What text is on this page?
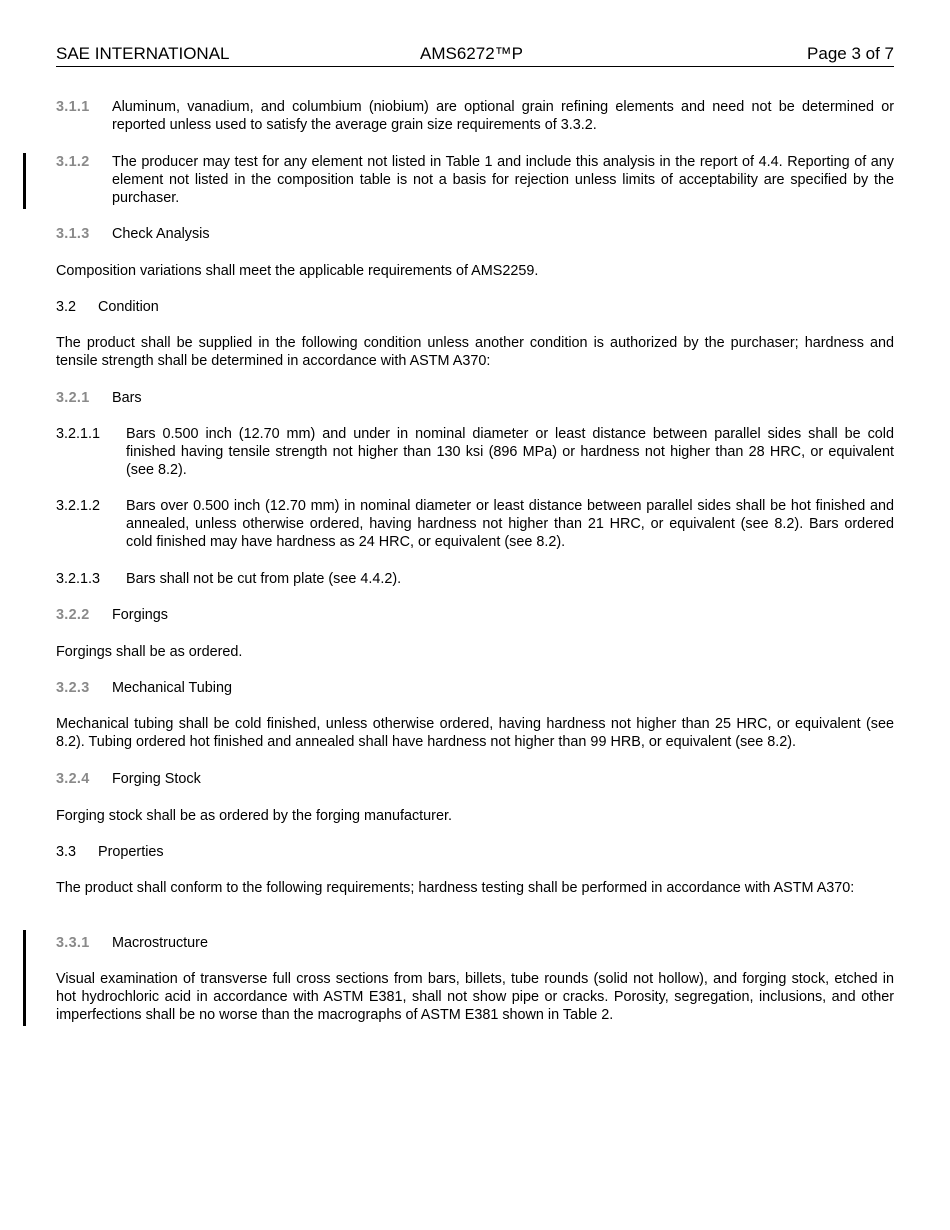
SAE INTERNATIONAL	AMS6272™P	Page 3 of 7
3.1.1 Aluminum, vanadium, and columbium (niobium) are optional grain refining elements and need not be determined or reported unless used to satisfy the average grain size requirements of 3.3.2.
3.1.2 The producer may test for any element not listed in Table 1 and include this analysis in the report of 4.4. Reporting of any element not listed in the composition table is not a basis for rejection unless limits of acceptability are specified by the purchaser.
3.1.3 Check Analysis
Composition variations shall meet the applicable requirements of AMS2259.
3.2 Condition
The product shall be supplied in the following condition unless another condition is authorized by the purchaser; hardness and tensile strength shall be determined in accordance with ASTM A370:
3.2.1 Bars
3.2.1.1 Bars 0.500 inch (12.70 mm) and under in nominal diameter or least distance between parallel sides shall be cold finished having tensile strength not higher than 130 ksi (896 MPa) or hardness not higher than 28 HRC, or equivalent (see 8.2).
3.2.1.2 Bars over 0.500 inch (12.70 mm) in nominal diameter or least distance between parallel sides shall be hot finished and annealed, unless otherwise ordered, having hardness not higher than 21 HRC, or equivalent (see 8.2). Bars ordered cold finished may have hardness as 24 HRC, or equivalent (see 8.2).
3.2.1.3 Bars shall not be cut from plate (see 4.4.2).
3.2.2 Forgings
Forgings shall be as ordered.
3.2.3 Mechanical Tubing
Mechanical tubing shall be cold finished, unless otherwise ordered, having hardness not higher than 25 HRC, or equivalent (see 8.2). Tubing ordered hot finished and annealed shall have hardness not higher than 99 HRB, or equivalent (see 8.2).
3.2.4 Forging Stock
Forging stock shall be as ordered by the forging manufacturer.
3.3 Properties
The product shall conform to the following requirements; hardness testing shall be performed in accordance with ASTM A370:
3.3.1 Macrostructure
Visual examination of transverse full cross sections from bars, billets, tube rounds (solid not hollow), and forging stock, etched in hot hydrochloric acid in accordance with ASTM E381, shall not show pipe or cracks. Porosity, segregation, inclusions, and other imperfections shall be no worse than the macrographs of ASTM E381 shown in Table 2.
